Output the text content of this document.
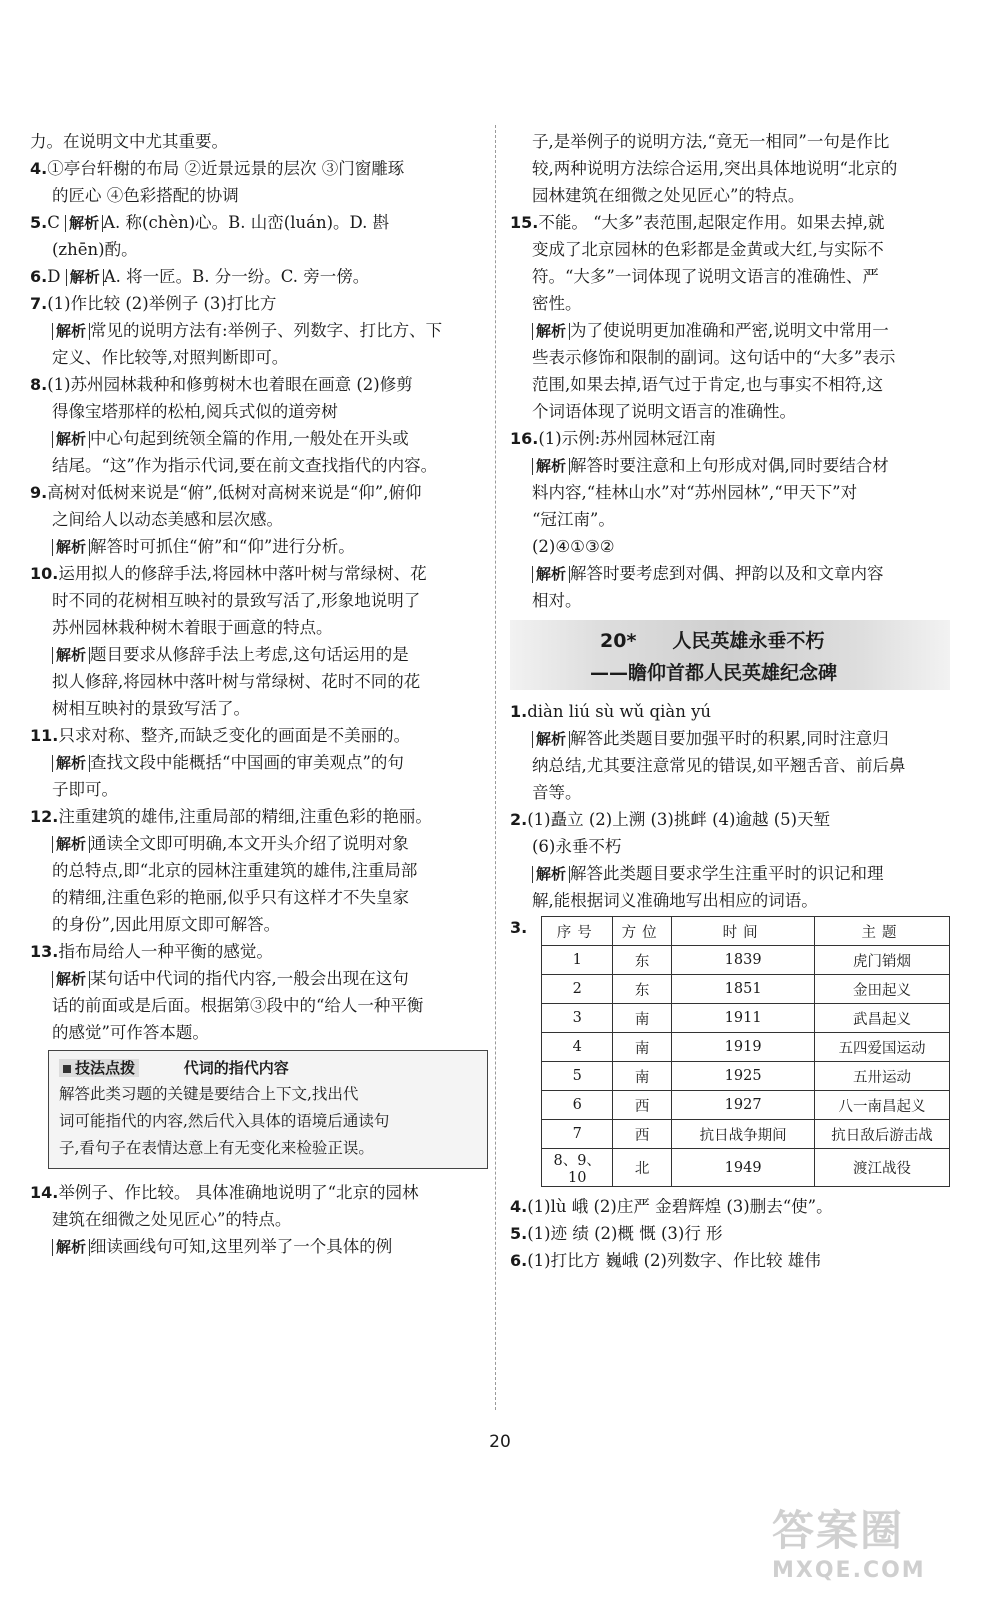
力。在说明文中尤其重要。
4.①亭台轩榭的布局 ②近景远景的层次 ③门窗雕琢
的匠心 ④色彩搭配的协调
5.C 解析 A. 称(chèn)心。B. 山峦(luán)。D. 斟
(zhēn)酌。
6.D 解析 A. 将一匠。B. 分一纷。C. 旁一傍。
7.(1)作比较 (2)举例子 (3)打比方
解析 常见的说明方法有:举例子、列数字、打比方、下
定义、作比较等,对照判断即可。
8.(1)苏州园林栽种和修剪树木也着眼在画意 (2)修剪
得像宝塔那样的松柏,阅兵式似的道旁树
解析 中心句起到统领全篇的作用,一般处在开头或
结尾。“这”作为指示代词,要在前文查找指代的内容。
9.高树对低树来说是“俯”,低树对高树来说是“仰”,俯仰
之间给人以动态美感和层次感。
解析 解答时可抓住“俯”和“仰”进行分析。
10.运用拟人的修辞手法,将园林中落叶树与常绿树、花
时不同的花树相互映衬的景致写活了,形象地说明了
苏州园林栽种树木着眼于画意的特点。
解析 题目要求从修辞手法上考虑,这句话运用的是
拟人修辞,将园林中落叶树与常绿树、花时不同的花
树相互映衬的景致写活了。
11.只求对称、整齐,而缺乏变化的画面是不美丽的。
解析 查找文段中能概括“中国画的审美观点”的句
子即可。
12.注重建筑的雄伟,注重局部的精细,注重色彩的艳丽。
解析 通读全文即可明确,本文开头介绍了说明对象
的总特点,即“北京的园林注重建筑的雄伟,注重局部
的精细,注重色彩的艳丽,似乎只有这样才不失皇家
的身份”,因此用原文即可解答。
13.指布局给人一种平衡的感觉。
解析 某句话中代词的指代内容,一般会出现在这句
话的前面或是后面。根据第③段中的“给人一种平衡
的感觉”可作答本题。
技法点拨	代词的指代内容
解答此类习题的关键是要结合上下文,找出代
词可能指代的内容,然后代入具体的语境后通读句
子,看句子在表情达意上有无变化来检验正误。
14.举例子、作比较。 具体准确地说明了“北京的园林
建筑在细微之处见匠心”的特点。
解析 细读画线句可知,这里列举了一个具体的例
子,是举例子的说明方法,“竟无一相同”一句是作比
较,两种说明方法综合运用,突出具体地说明“北京的
园林建筑在细微之处见匠心”的特点。
15.不能。 “大多”表范围,起限定作用。如果去掉,就
变成了北京园林的色彩都是金黄或大红,与实际不
符。“大多”一词体现了说明文语言的准确性、严
密性。
解析 为了使说明更加准确和严密,说明文中常用一
些表示修饰和限制的副词。这句话中的“大多”表示
范围,如果去掉,语气过于肯定,也与事实不相符,这
个词语体现了说明文语言的准确性。
16.(1)示例:苏州园林冠江南
解析 解答时要注意和上句形成对偶,同时要结合材
料内容,“桂林山水”对“苏州园林”,“甲天下”对
“冠江南”。
(2)④①③②
解析 解答时要考虑到对偶、押韵以及和文章内容
相对。
20* 人民英雄永垂不朽
——瞻仰首都人民英雄纪念碑
1.diàn liú sù wǔ qiàn yú
解析 解答此类题目要加强平时的积累,同时注意归
纳总结,尤其要注意常见的错误,如平翘舌音、前后鼻
音等。
2.(1)矗立 (2)上溯 (3)挑衅 (4)逾越 (5)天堑
(6)永垂不朽
解析 解答此类题目要求学生注重平时的识记和理
解,能根据词义准确地写出相应的词语。
3. 序号	方位	时间	主题
1	东	1839	虎门销烟
2	东	1851	金田起义
3	南	1911	武昌起义
4	南	1919	五四爱国运动
5	南	1925	五卅运动
6	西	1927	八一南昌起义
7	西	抗日战争期间	抗日敌后游击战
8、9、10	北	1949	渡江战役
4.(1)lù 峨 (2)庄严 金碧辉煌 (3)删去“使”。
5.(1)迹 绩 (2)概 慨 (3)行 形
6.(1)打比方 巍峨 (2)列数字、作比较 雄伟
20
答案圈
MXQE.COM
